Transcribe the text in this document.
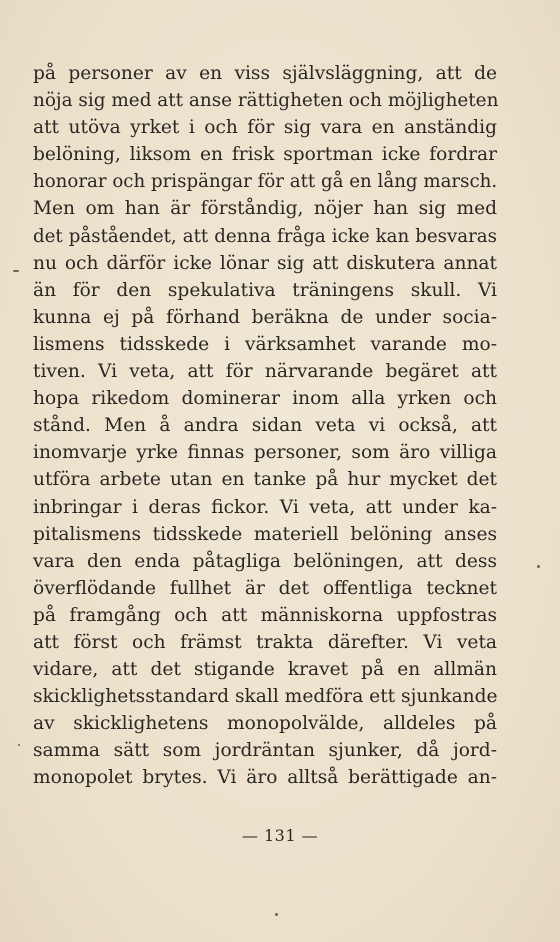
på personer av en viss självsläggning, att de
nöja sig med att anse rättigheten och möjligheten
att utöva yrket i och för sig vara en anständig
belöning, liksom en frisk sportman icke fordrar
honorar och prispängar för att gå en lång marsch.
Men om han är förståndig, nöjer han sig med
det påståendet, att denna fråga icke kan besvaras
nu och därför icke lönar sig att diskutera annat
än för den spekulativa träningens skull. Vi
kunna ej på förhand beräkna de under socia-
lismens tidsskede i värksamhet varande mo-
tiven. Vi veta, att för närvarande begäret att
hopa rikedom dominerar inom alla yrken och
stånd. Men å andra sidan veta vi också, att
inomvarje yrke finnas personer, som äro villiga
utföra arbete utan en tanke på hur mycket det
inbringar i deras fickor. Vi veta, att under ka-
pitalismens tidsskede materiell belöning anses
vara den enda påtagliga belöningen, att dess
överflödande fullhet är det offentliga tecknet
på framgång och att människorna uppfostras
att först och främst trakta därefter. Vi veta
vidare, att det stigande kravet på en allmän
skicklighetsstandard skall medföra ett sjunkande
av skicklighetens monopolvälde, alldeles på
samma sätt som jordräntan sjunker, då jord-
monopolet brytes. Vi äro alltså berättigade an-
— 131 —
